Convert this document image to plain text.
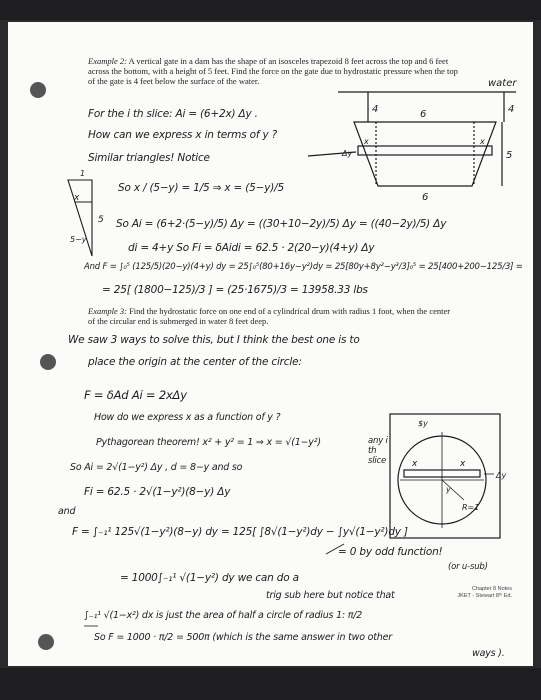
Example 2: A vertical gate in a dam has the shape of an isosceles trapezoid 8 feet across the top and 6 feet across the bottom, with a height of 5 feet. Find the force on the gate due to hydrostatic pressure when the top of the gate is 4 feet below the surface of the water.
For the i th slice: Ai = (6+2x) Δy .
How can we express x in terms of y ?
Similar triangles! Notice
So x / (5−y) = 1/5 ⇒ x = (5−y)/5
So Ai = (6+2·(5−y)/5) Δy = ((30+10−2y)/5) Δy = ((40−2y)/5) Δy
di = 4+y So Fi = δAidi = 62.5 · 2(20−y)(4+y) Δy
And F = ∫₀⁵ (125/5)(20−y)(4+y) dy = 25∫₀⁵(80+16y−y²)dy = 25[80y+8y²−y³/3]₀⁵ = 25[400+200−125/3] =
= 25[ (1800−125)/3 ] = (25·1675)/3 = 13958.33 lbs
Example 3: Find the hydrostatic force on one end of a cylindrical drum with radius 1 foot, when the center of the circular end is submerged in water 8 feet deep.
We saw 3 ways to solve this, but I think the best one is to
place the origin at the center of the circle:
F = δAd Ai = 2xΔy
How do we express x as a function of y ?
Pythagorean theorem! x² + y² = 1 ⇒ x = √(1−y²)
So Ai = 2√(1−y²) Δy , d = 8−y and so
Fi = 62.5 · 2√(1−y²)(8−y) Δy
and
F = ∫₋₁¹ 125√(1−y²)(8−y) dy = 125[ ∫8√(1−y²)dy − ∫y√(1−y²)dy ]
= 0 by odd function!
(or u-sub)
= 1000∫₋₁¹ √(1−y²) dy we can do a
trig sub here but notice that
∫₋₁¹ √(1−x²) dx is just the area of half a circle of radius 1: π/2
So F = 1000 · π/2 = 500π (which is the same answer in two other
ways ).
any i th slice
Chapter 8 Notes
JKET - Stewart 8ᵗʰ Ed.
water
6
6
4	4
5
x	x
Δy
x
5
5−y
1
x	x
y
R=1
Δy
$y
